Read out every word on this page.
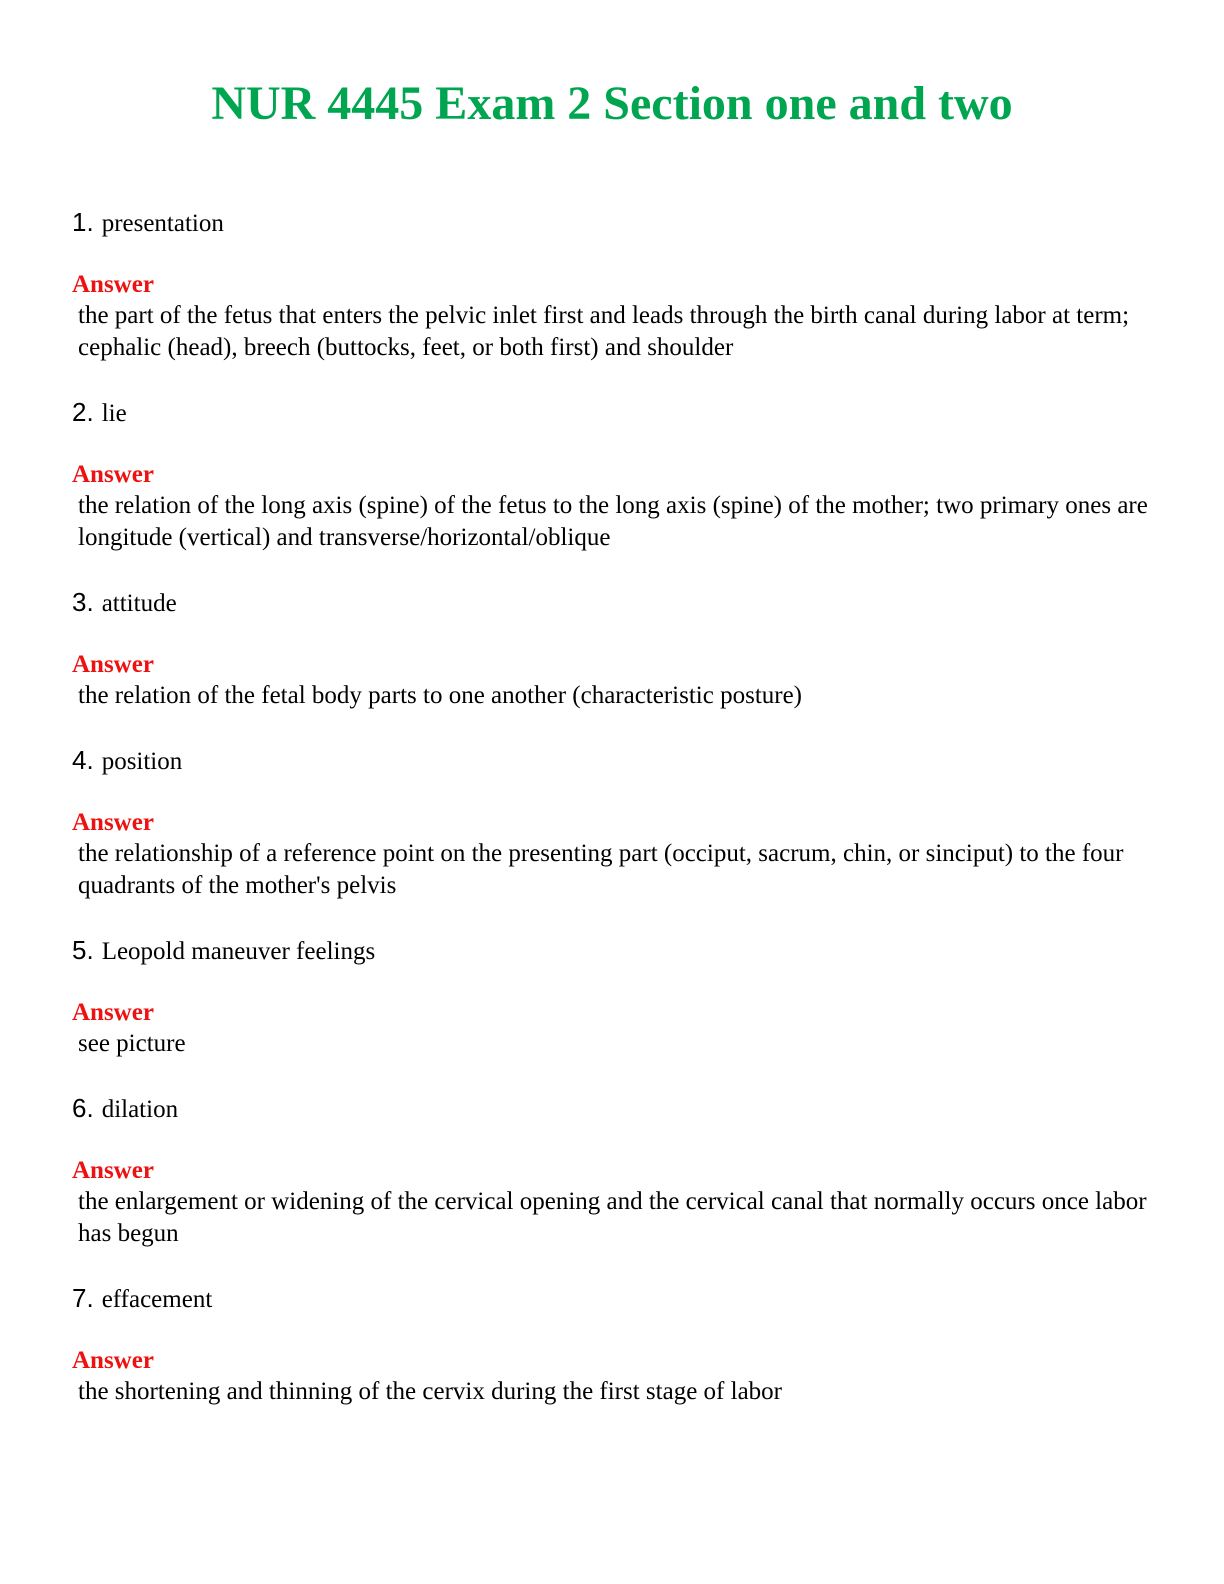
NUR 4445 Exam 2 Section one and two
1. presentation
Answer
the part of the fetus that enters the pelvic inlet first and leads through the birth canal during labor at term; cephalic (head), breech (buttocks, feet, or both first) and shoulder
2. lie
Answer
the relation of the long axis (spine) of the fetus to the long axis (spine) of the mother; two primary ones are longitude (vertical) and transverse/horizontal/oblique
3. attitude
Answer
the relation of the fetal body parts to one another (characteristic posture)
4. position
Answer
the relationship of a reference point on the presenting part (occiput, sacrum, chin, or sinciput) to the four quadrants of the mother's pelvis
5. Leopold maneuver feelings
Answer
see picture
6. dilation
Answer
the enlargement or widening of the cervical opening and the cervical canal that normally occurs once labor has begun
7. effacement
Answer
the shortening and thinning of the cervix during the first stage of labor
